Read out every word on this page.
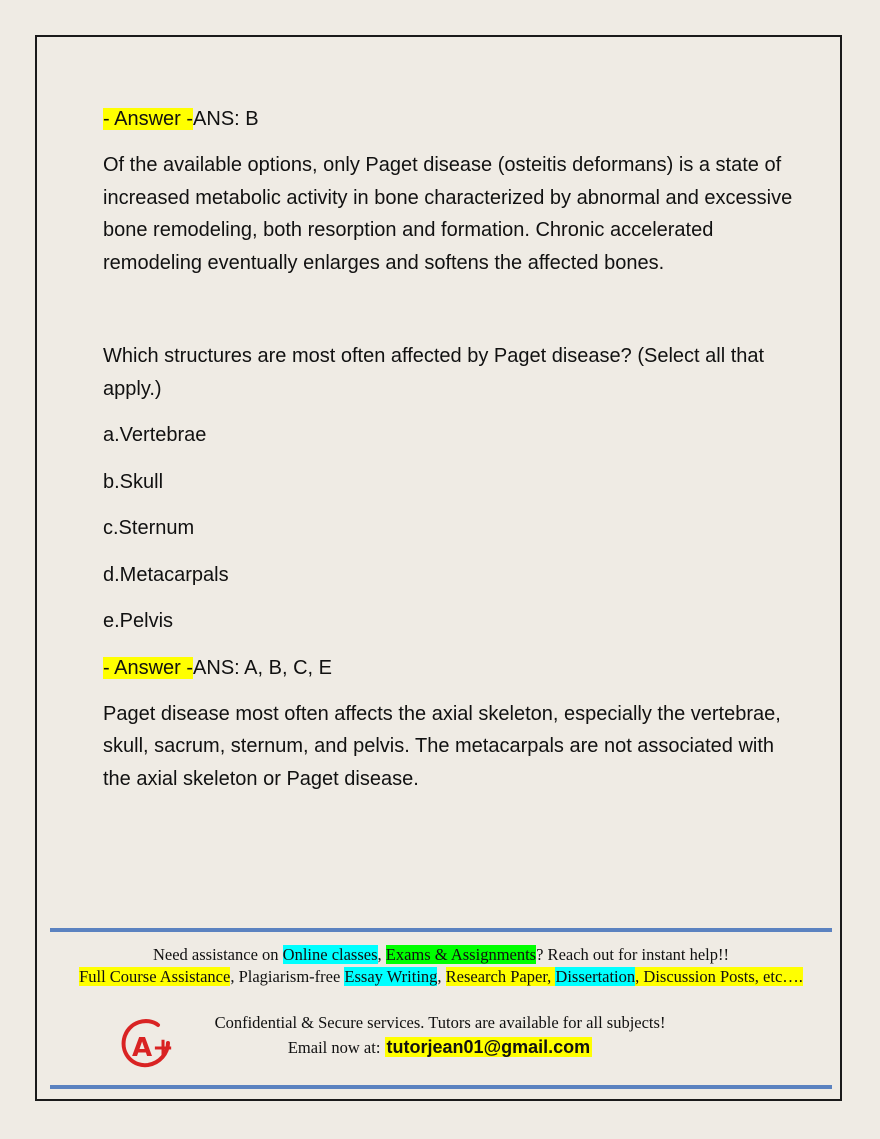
- Answer -ANS: B

Of the available options, only Paget disease (osteitis deformans) is a state of increased metabolic activity in bone characterized by abnormal and excessive bone remodeling, both resorption and formation. Chronic accelerated remodeling eventually enlarges and softens the affected bones.

Which structures are most often affected by Paget disease? (Select all that apply.)

a.Vertebrae

b.Skull

c.Sternum

d.Metacarpals

e.Pelvis

- Answer -ANS: A, B, C, E

Paget disease most often affects the axial skeleton, especially the vertebrae, skull, sacrum, sternum, and pelvis. The metacarpals are not associated with the axial skeleton or Paget disease.

Need assistance on Online classes, Exams & Assignments? Reach out for instant help!!
Full Course Assistance, Plagiarism-free Essay Writing, Research Paper, Dissertation, Discussion Posts, etc….
A+
Confidential & Secure services. Tutors are available for all subjects!
Email now at: tutorjean01@gmail.com
